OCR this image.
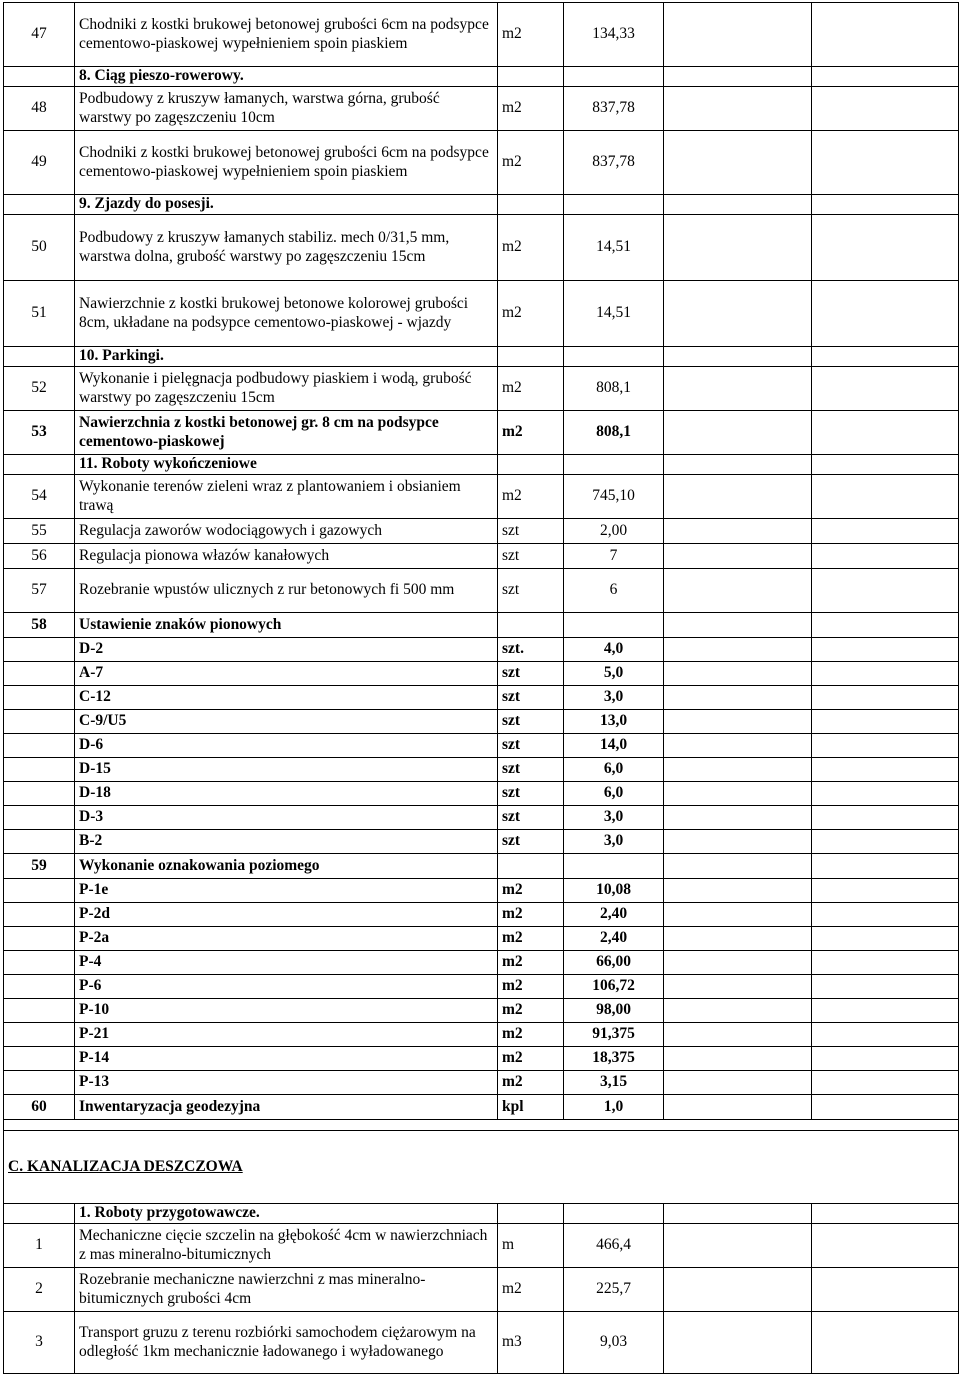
47	Chodniki z kostki brukowej betonowej grubości 6cm na podsypce cementowo-piaskowej wypełnieniem spoin piaskiem	m2	134,33		
	8. Ciąg pieszo-rowerowy.				
48	Podbudowy z kruszyw łamanych, warstwa górna, grubość warstwy po zagęszczeniu 10cm	m2	837,78		
49	Chodniki z kostki brukowej betonowej grubości 6cm na podsypce cementowo-piaskowej wypełnieniem spoin piaskiem	m2	837,78		
	9. Zjazdy do posesji.				
50	Podbudowy z kruszyw łamanych stabiliz. mech 0/31,5 mm, warstwa dolna, grubość warstwy po zagęszczeniu 15cm	m2	14,51		
51	Nawierzchnie z kostki brukowej betonowe kolorowej grubości 8cm, układane na podsypce cementowo-piaskowej - wjazdy	m2	14,51		
	10. Parkingi.				
52	Wykonanie i pielęgnacja podbudowy piaskiem i wodą, grubość warstwy po zagęszczeniu 15cm	m2	808,1		
53	Nawierzchnia z kostki betonowej gr. 8 cm na podsypce cementowo-piaskowej	m2	808,1		
	11. Roboty wykończeniowe				
54	Wykonanie terenów zieleni wraz z plantowaniem i obsianiem trawą	m2	745,10		
55	Regulacja zaworów wodociągowych i gazowych	szt	2,00		
56	Regulacja pionowa włazów kanałowych	szt	7		
57	Rozebranie wpustów ulicznych z rur betonowych fi 500 mm	szt	6		
58	Ustawienie znaków pionowych				
	D-2	szt.	4,0		
	A-7	szt	5,0		
	C-12	szt	3,0		
	C-9/U5	szt	13,0		
	D-6	szt	14,0		
	D-15	szt	6,0		
	D-18	szt	6,0		
	D-3	szt	3,0		
	B-2	szt	3,0		
59	Wykonanie oznakowania poziomego				
	P-1e	m2	10,08		
	P-2d	m2	2,40		
	P-2a	m2	2,40		
	P-4	m2	66,00		
	P-6	m2	106,72		
	P-10	m2	98,00		
	P-21	m2	91,375		
	P-14	m2	18,375		
	P-13	m2	3,15		
60	Inwentaryzacja geodezyjna	kpl	1,0		

C. KANALIZACJA DESZCZOWA					
	1. Roboty przygotowawcze.				
1	Mechaniczne cięcie szczelin na głębokość 4cm w nawierzchniach z mas mineralno-bitumicznych	m	466,4		
2	Rozebranie mechaniczne nawierzchni z mas mineralno-bitumicznych grubości 4cm	m2	225,7		
3	Transport gruzu z terenu rozbiórki samochodem ciężarowym na odległość 1km mechanicznie ładowanego i wyładowanego	m3	9,03		
